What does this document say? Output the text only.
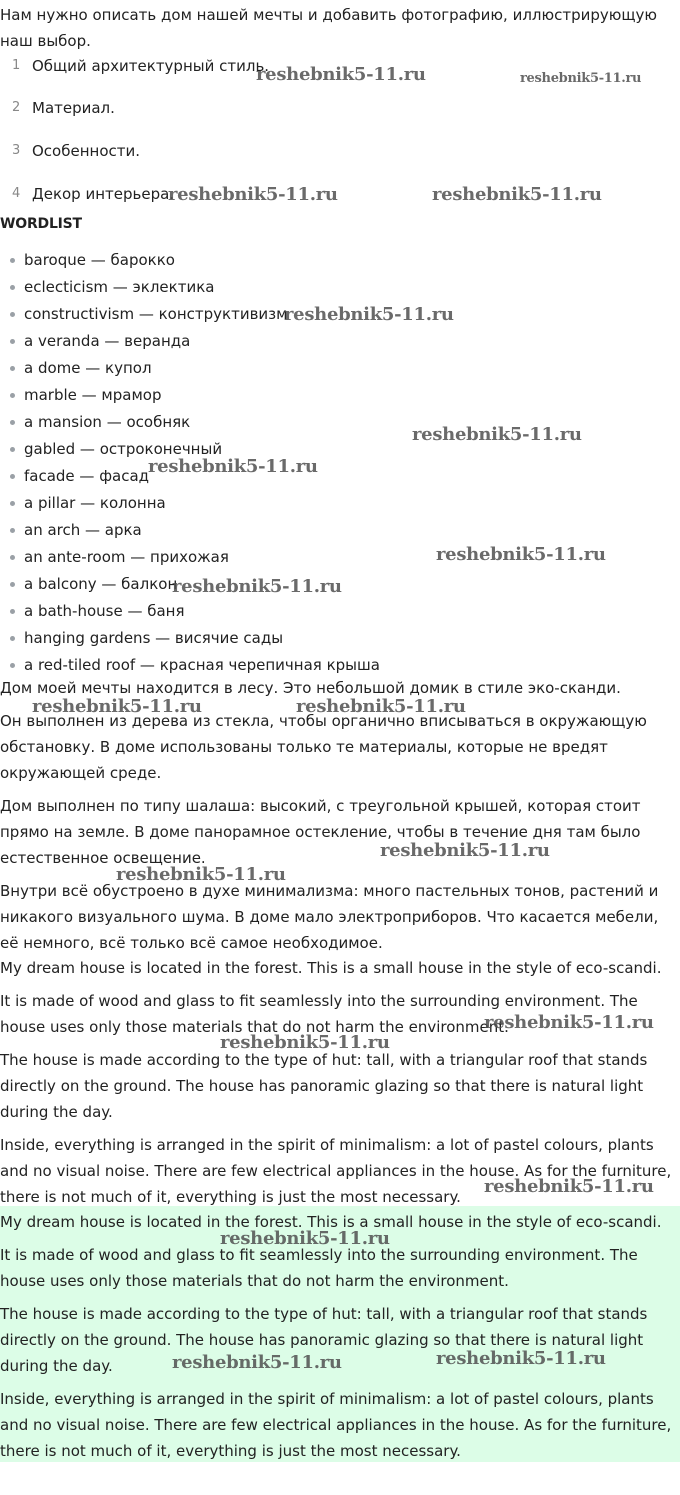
Нам нужно описать дом нашей мечты и добавить фотографию, иллюстрирующую наш выбор.

1 Общий архитектурный стиль.
2 Материал.
3 Особенности.
4 Декор интерьера.
WORDLIST
baroque — барокко
eclecticism — эклектика
constructivism — конструктивизм
a veranda — веранда
a dome — купол
marble — мрамор
a mansion — особняк
gabled — остроконечный
facade — фасад
a pillar — колонна
an arch — арка
an ante-room — прихожая
a balcony — балкон
a bath-house — баня
hanging gardens — висячие сады
a red-tiled roof — красная черепичная крыша

Дом моей мечты находится в лесу. Это небольшой домик в стиле эко-сканди.

Он выполнен из дерева из стекла, чтобы органично вписываться в окружающую обстановку. В доме использованы только те материалы, которые не вредят окружающей среде.

Дом выполнен по типу шалаша: высокий, с треугольной крышей, которая стоит прямо на земле. В доме панорамное остекление, чтобы в течение дня там было естественное освещение.

Внутри всё обустроено в духе минимализма: много пастельных тонов, растений и никакого визуального шума. В доме мало электроприборов. Что касается мебели, её немного, всё только всё самое необходимое.

My dream house is located in the forest. This is a small house in the style of eco-scandi.

It is made of wood and glass to fit seamlessly into the surrounding environment. The house uses only those materials that do not harm the environment.

The house is made according to the type of hut: tall, with a triangular roof that stands directly on the ground. The house has panoramic glazing so that there is natural light during the day.

Inside, everything is arranged in the spirit of minimalism: a lot of pastel colours, plants and no visual noise. There are few electrical appliances in the house. As for the furniture, there is not much of it, everything is just the most necessary.

My dream house is located in the forest. This is a small house in the style of eco-scandi.

It is made of wood and glass to fit seamlessly into the surrounding environment. The house uses only those materials that do not harm the environment.

The house is made according to the type of hut: tall, with a triangular roof that stands directly on the ground. The house has panoramic glazing so that there is natural light during the day.

Inside, everything is arranged in the spirit of minimalism: a lot of pastel colours, plants and no visual noise. There are few electrical appliances in the house. As for the furniture, there is not much of it, everything is just the most necessary.

reshebnik5-11.ru	reshebnik5-11.ru
reshebnik5-11.ru	reshebnik5-11.ru
reshebnik5-11.ru
reshebnik5-11.ru
reshebnik5-11.ru
reshebnik5-11.ru
reshebnik5-11.ru
reshebnik5-11.ru	reshebnik5-11.ru
reshebnik5-11.ru
reshebnik5-11.ru
reshebnik5-11.ru
reshebnik5-11.ru
reshebnik5-11.ru
reshebnik5-11.ru
reshebnik5-11.ru
reshebnik5-11.ru
